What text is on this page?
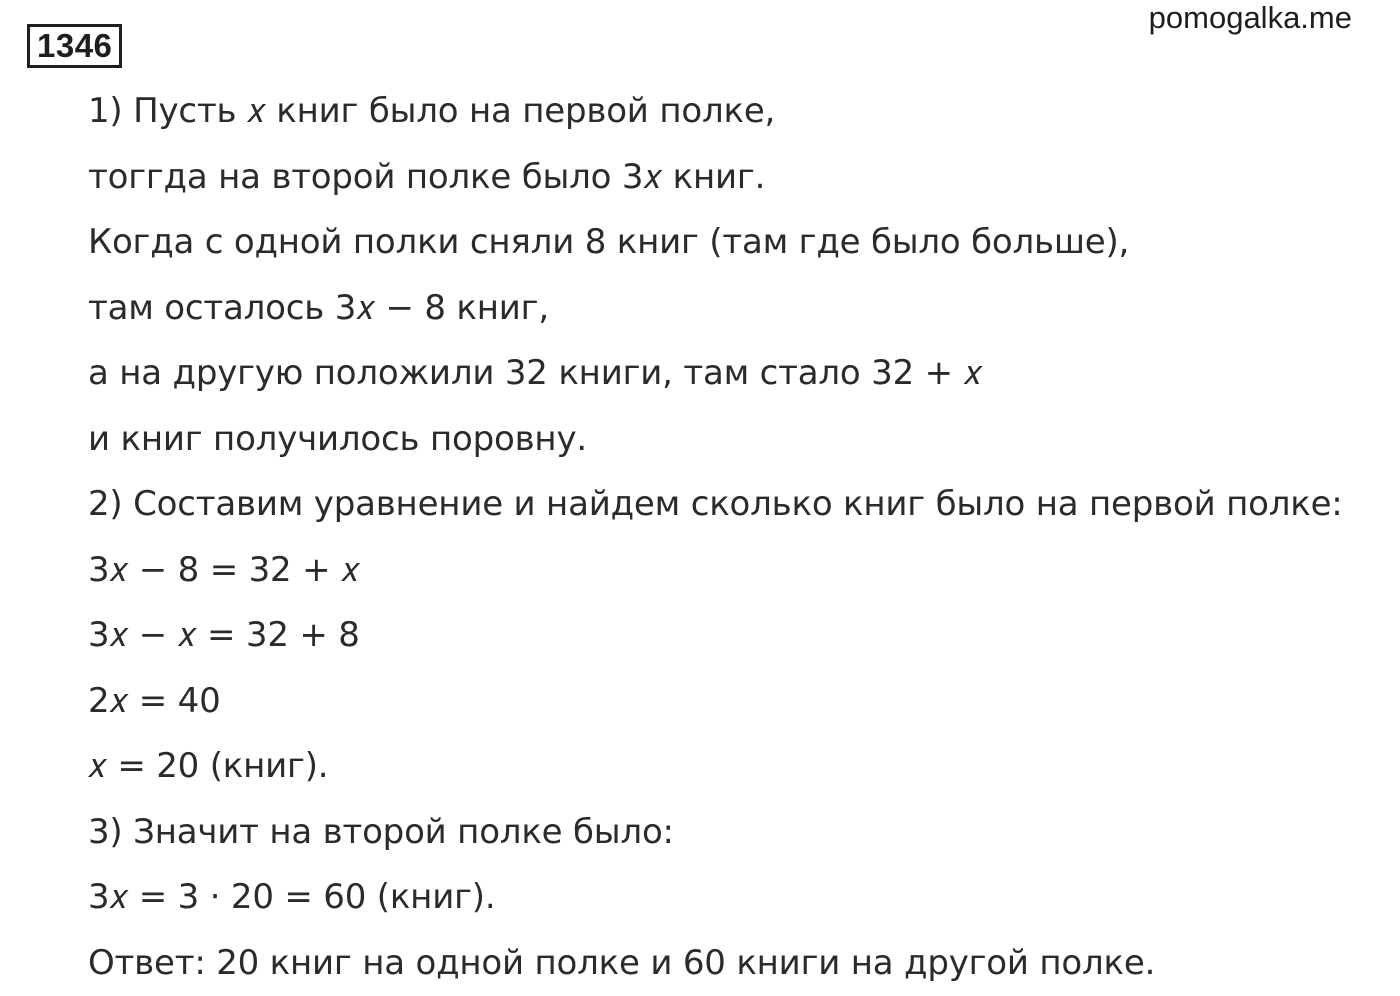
1346
pomogalka.me
1) Пусть 𝑥 книг было на первой полке,
тоггда на второй полке было 3𝑥 книг.
Когда с одной полки сняли 8 книг (там где было больше),
там осталось 3𝑥 − 8 книг,
а на другую положили 32 книги, там стало 32 + 𝑥
и книг получилось поровну.
2) Составим уравнение и найдем сколько книг было на первой полке:
3𝑥 − 8 = 32 + 𝑥
3𝑥 − 𝑥 = 32 + 8
2𝑥 = 40
𝑥 = 20 (книг).
3) Значит на второй полке было:
3𝑥 = 3 ⋅ 20 = 60 (книг).
Ответ: 20 книг на одной полке и 60 книги на другой полке.
